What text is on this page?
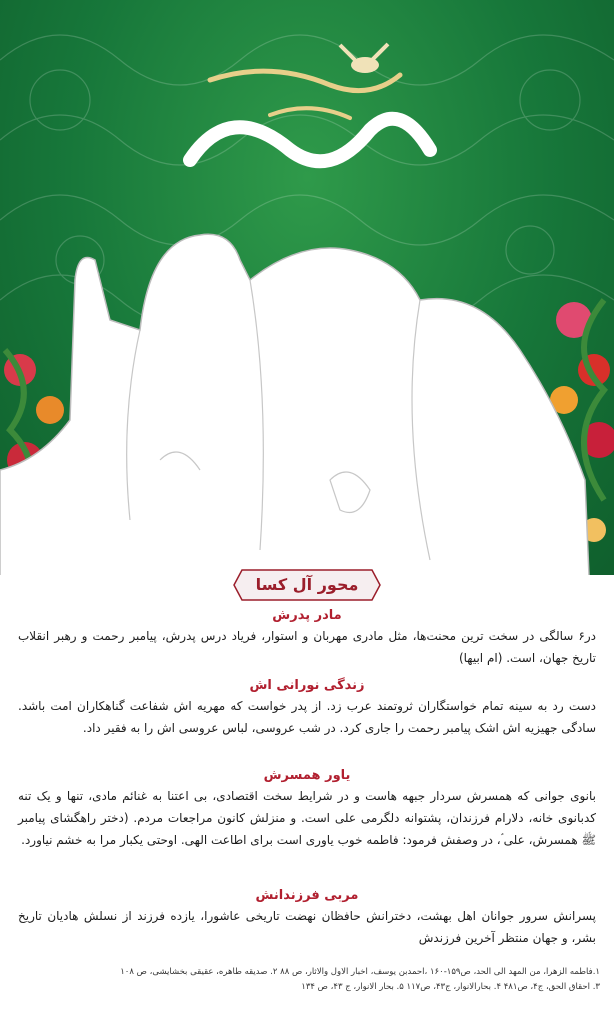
محور آل کسا
مادر پدرش

در۶ سالگی در سخت ترین محنت‌ها، مثل مادری مهربان و استوار، فریاد درس پدرش، پیامبر رحمت و رهبر انقلاب تاریخ جهان، است. (ام ابیها)

زندگی نورانی اش

دست رد به سینه تمام خواستگاران ثروتمند عرب زد. از پدر خواست که مهریه اش شفاعت گناهکاران امت باشد. سادگی جهیزیه اش اشک پیامبر رحمت را جاری کرد. در شب عروسی، لباس عروسی اش را به فقیر داد.

یاور همسرش

بانوی جوانی که همسرش سردار جبهه هاست و در شرایط سخت اقتصادی، بی اعتنا به غنائم مادی، تنها و یک تنه کدبانوی خانه، دلارام فرزندان، پشتوانه دلگرمی علی است. و منزلش کانون مراجعات مردم. (دختر راهگشای پیامبر ﷺ همسرش، علی ؑ، در وصفش فرمود: فاطمه خوب یاوری است برای اطاعت الهی. اوحتی یکبار مرا به خشم نیاورد.

مربی فرزندانش

پسرانش سرور جوانان اهل بهشت، دخترانش حافظان نهضت تاریخی عاشورا، یازده فرزند از نسلش هادیان تاریخ بشر، و جهان منتظر آخرین فرزندش

۱.فاطمه الزهرا، من المهد الی الحد، ص۱۵۹-۱۶۰ ،احمدبن یوسف، اخبار الاول والاثار، ص ۸۸ ۲. صدیقه طاهره، عقیقی بخشایشی، ص ۱۰۸
۳. احقاق الحق، ج۴، ص۴۸۱ ۴. بحارالانوار، ج۴۳، ص۱۱۷ ۵. بحار الانوار، ج ۴۳، ص ۱۳۴
